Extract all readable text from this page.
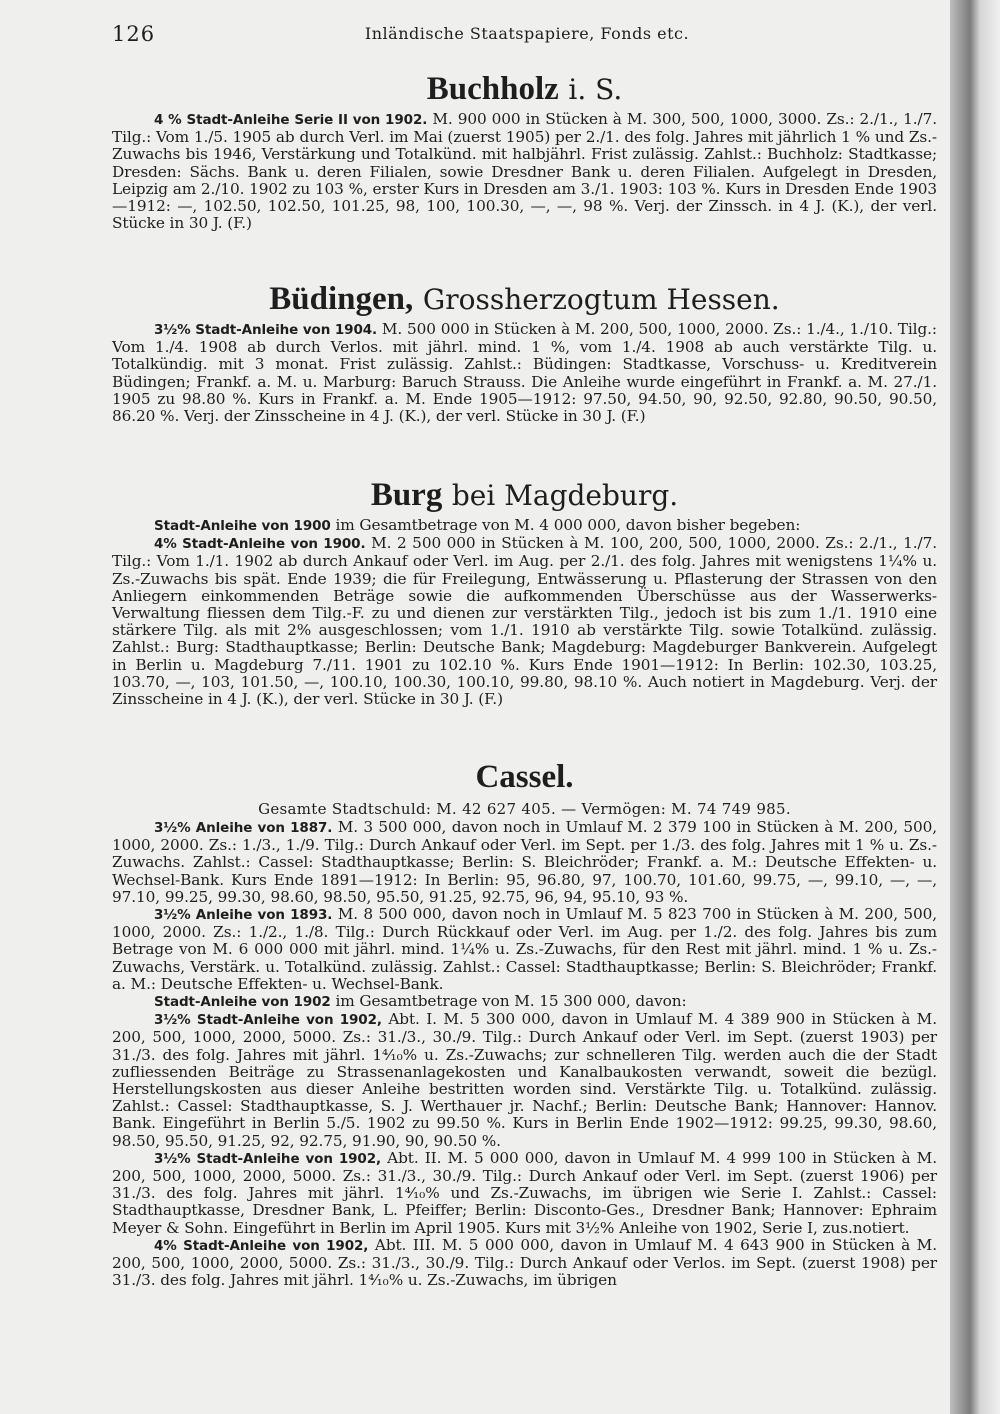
126	Inländische Staatspapiere, Fonds etc.
Buchholz i. S.

4 % Stadt-Anleihe Serie II von 1902. M. 900 000 in Stücken à M. 300, 500, 1000, 3000. Zs.: 2./1., 1./7. Tilg.: Vom 1./5. 1905 ab durch Verl. im Mai (zuerst 1905) per 2./1. des folg. Jahres mit jährlich 1 % und Zs.-Zuwachs bis 1946, Verstärkung und Totalkünd. mit halbjährl. Frist zulässig. Zahlst.: Buchholz: Stadtkasse; Dresden: Sächs. Bank u. deren Filialen, sowie Dresdner Bank u. deren Filialen. Aufgelegt in Dresden, Leipzig am 2./10. 1902 zu 103 %, erster Kurs in Dresden am 3./1. 1903: 103 %. Kurs in Dresden Ende 1903—1912: —, 102.50, 102.50, 101.25, 98, 100, 100.30, —, —, 98 %. Verj. der Zinssch. in 4 J. (K.), der verl. Stücke in 30 J. (F.)

Büdingen, Grossherzogtum Hessen.

3½% Stadt-Anleihe von 1904. M. 500 000 in Stücken à M. 200, 500, 1000, 2000. Zs.: 1./4., 1./10. Tilg.: Vom 1./4. 1908 ab durch Verlos. mit jährl. mind. 1 %, vom 1./4. 1908 ab auch verstärkte Tilg. u. Totalkündig. mit 3 monat. Frist zulässig. Zahlst.: Büdingen: Stadtkasse, Vorschuss- u. Kreditverein Büdingen; Frankf. a. M. u. Marburg: Baruch Strauss. Die Anleihe wurde eingeführt in Frankf. a. M. 27./1. 1905 zu 98.80 %. Kurs in Frankf. a. M. Ende 1905—1912: 97.50, 94.50, 90, 92.50, 92.80, 90.50, 90.50, 86.20 %. Verj. der Zinsscheine in 4 J. (K.), der verl. Stücke in 30 J. (F.)

Burg bei Magdeburg.

Stadt-Anleihe von 1900 im Gesamtbetrage von M. 4 000 000, davon bisher begeben:

4% Stadt-Anleihe von 1900. M. 2 500 000 in Stücken à M. 100, 200, 500, 1000, 2000. Zs.: 2./1., 1./7. Tilg.: Vom 1./1. 1902 ab durch Ankauf oder Verl. im Aug. per 2./1. des folg. Jahres mit wenigstens 1¼% u. Zs.-Zuwachs bis spät. Ende 1939; die für Freilegung, Entwässerung u. Pflasterung der Strassen von den Anliegern einkommenden Beträge sowie die aufkommenden Überschüsse aus der Wasserwerks-Verwaltung fliessen dem Tilg.-F. zu und dienen zur verstärkten Tilg., jedoch ist bis zum 1./1. 1910 eine stärkere Tilg. als mit 2% ausgeschlossen; vom 1./1. 1910 ab verstärkte Tilg. sowie Totalkünd. zulässig. Zahlst.: Burg: Stadthauptkasse; Berlin: Deutsche Bank; Magdeburg: Magdeburger Bankverein. Aufgelegt in Berlin u. Magdeburg 7./11. 1901 zu 102.10 %. Kurs Ende 1901—1912: In Berlin: 102.30, 103.25, 103.70, —, 103, 101.50, —, 100.10, 100.30, 100.10, 99.80, 98.10 %. Auch notiert in Magdeburg. Verj. der Zinsscheine in 4 J. (K.), der verl. Stücke in 30 J. (F.)

Cassel.
Gesamte Stadtschuld: M. 42 627 405. — Vermögen: M. 74 749 985.

3½% Anleihe von 1887. M. 3 500 000, davon noch in Umlauf M. 2 379 100 in Stücken à M. 200, 500, 1000, 2000. Zs.: 1./3., 1./9. Tilg.: Durch Ankauf oder Verl. im Sept. per 1./3. des folg. Jahres mit 1 % u. Zs.-Zuwachs. Zahlst.: Cassel: Stadthauptkasse; Berlin: S. Bleichröder; Frankf. a. M.: Deutsche Effekten- u. Wechsel-Bank. Kurs Ende 1891—1912: In Berlin: 95, 96.80, 97, 100.70, 101.60, 99.75, —, 99.10, —, —, 97.10, 99.25, 99.30, 98.60, 98.50, 95.50, 91.25, 92.75, 96, 94, 95.10, 93 %.

3½% Anleihe von 1893. M. 8 500 000, davon noch in Umlauf M. 5 823 700 in Stücken à M. 200, 500, 1000, 2000. Zs.: 1./2., 1./8. Tilg.: Durch Rückkauf oder Verl. im Aug. per 1./2. des folg. Jahres bis zum Betrage von M. 6 000 000 mit jährl. mind. 1¼% u. Zs.-Zuwachs, für den Rest mit jährl. mind. 1 % u. Zs.-Zuwachs, Verstärk. u. Totalkünd. zulässig. Zahlst.: Cassel: Stadthauptkasse; Berlin: S. Bleichröder; Frankf. a. M.: Deutsche Effekten- u. Wechsel-Bank.

Stadt-Anleihe von 1902 im Gesamtbetrage von M. 15 300 000, davon:

3½% Stadt-Anleihe von 1902, Abt. I. M. 5 300 000, davon in Umlauf M. 4 389 900 in Stücken à M. 200, 500, 1000, 2000, 5000. Zs.: 31./3., 30./9. Tilg.: Durch Ankauf oder Verl. im Sept. (zuerst 1903) per 31./3. des folg. Jahres mit jährl. 1⁴⁄₁₀% u. Zs.-Zuwachs; zur schnelleren Tilg. werden auch die der Stadt zufliessenden Beiträge zu Strassenanlagekosten und Kanalbaukosten verwandt, soweit die bezügl. Herstellungskosten aus dieser Anleihe bestritten worden sind. Verstärkte Tilg. u. Totalkünd. zulässig. Zahlst.: Cassel: Stadthauptkasse, S. J. Werthauer jr. Nachf.; Berlin: Deutsche Bank; Hannover: Hannov. Bank. Eingeführt in Berlin 5./5. 1902 zu 99.50 %. Kurs in Berlin Ende 1902—1912: 99.25, 99.30, 98.60, 98.50, 95.50, 91.25, 92, 92.75, 91.90, 90, 90.50 %.

3½% Stadt-Anleihe von 1902, Abt. II. M. 5 000 000, davon in Umlauf M. 4 999 100 in Stücken à M. 200, 500, 1000, 2000, 5000. Zs.: 31./3., 30./9. Tilg.: Durch Ankauf oder Verl. im Sept. (zuerst 1906) per 31./3. des folg. Jahres mit jährl. 1⁴⁄₁₀% und Zs.-Zuwachs, im übrigen wie Serie I. Zahlst.: Cassel: Stadthauptkasse, Dresdner Bank, L. Pfeiffer; Berlin: Disconto-Ges., Dresdner Bank; Hannover: Ephraim Meyer & Sohn. Eingeführt in Berlin im April 1905. Kurs mit 3½% Anleihe von 1902, Serie I, zus.notiert.

4% Stadt-Anleihe von 1902, Abt. III. M. 5 000 000, davon in Umlauf M. 4 643 900 in Stücken à M. 200, 500, 1000, 2000, 5000. Zs.: 31./3., 30./9. Tilg.: Durch Ankauf oder Verlos. im Sept. (zuerst 1908) per 31./3. des folg. Jahres mit jährl. 1⁴⁄₁₀% u. Zs.-Zuwachs, im übrigen
